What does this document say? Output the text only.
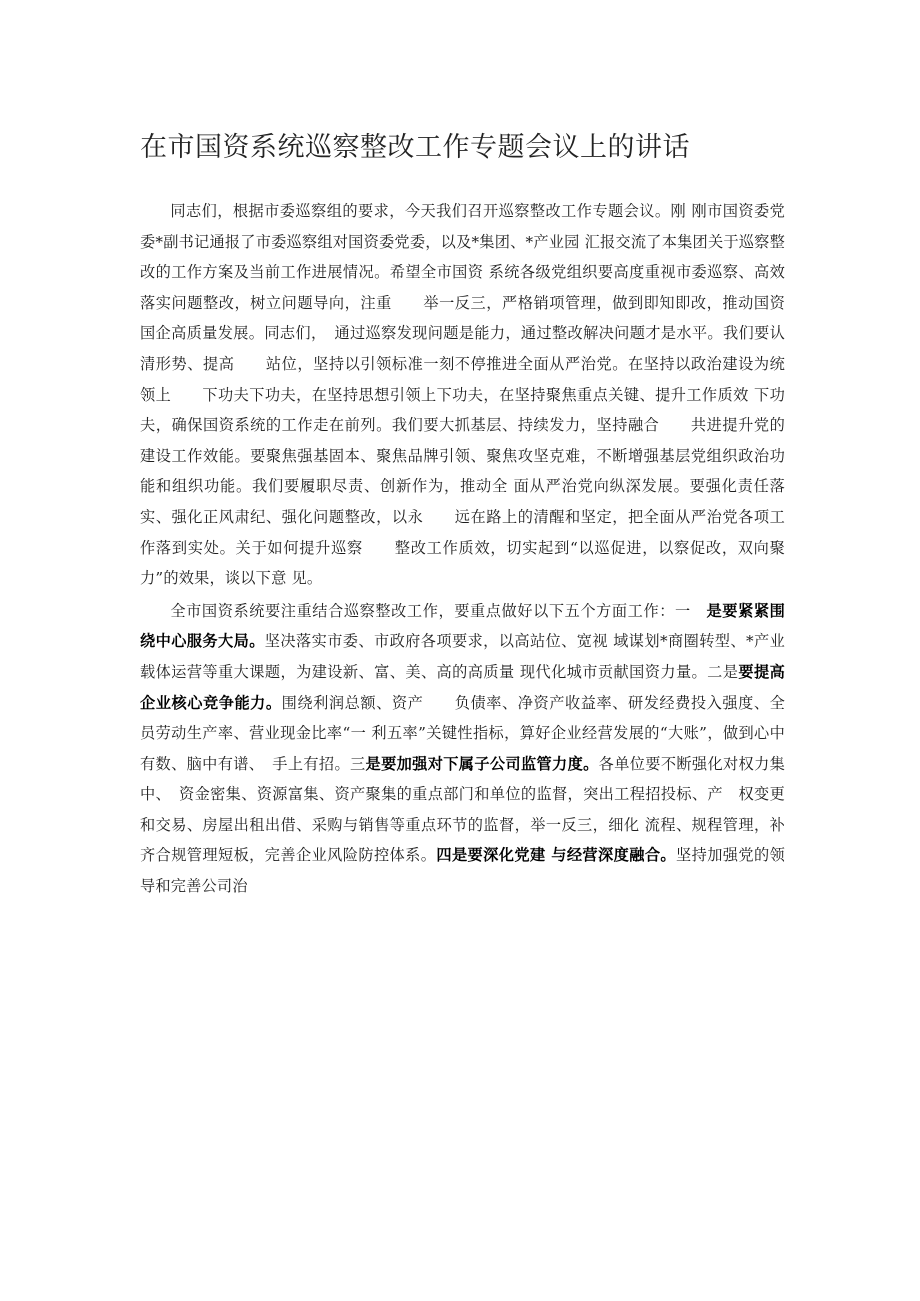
在市国资系统巡察整改工作专题会议上的讲话

同志们，根据市委巡察组的要求，今天我们召开巡察整改工作专题会议。刚 刚市国资委党委*副书记通报了市委巡察组对国资委党委，以及*集团、*产业园 汇报交流了本集团关于巡察整改的工作方案及当前工作进展情况。希望全市国资 系统各级党组织要高度重视市委巡察、高效落实问题整改，树立问题导向，注重　　举一反三，严格销项管理，做到即知即改，推动国资国企高质量发展。同志们，　通过巡察发现问题是能力，通过整改解决问题才是水平。我们要认清形势、提高　　站位，坚持以引领标准一刻不停推进全面从严治党。在坚持以政治建设为统领上　　下功夫下功夫，在坚持思想引领上下功夫，在坚持聚焦重点关键、提升工作质效 下功夫，确保国资系统的工作走在前列。我们要大抓基层、持续发力，坚持融合　　共进提升党的建设工作效能。要聚焦强基固本、聚焦品牌引领、聚焦攻坚克难，不断增强基层党组织政治功能和组织功能。我们要履职尽责、创新作为，推动全 面从严治党向纵深发展。要强化责任落实、强化正风肃纪、强化问题整改，以永　　远在路上的清醒和坚定，把全面从严治党各项工作落到实处。关于如何提升巡察　　整改工作质效，切实起到“以巡促进，以察促改，双向聚力”的效果，谈以下意 见。

全市国资系统要注重结合巡察整改工作，要重点做好以下五个方面工作：一　是要紧紧围绕中心服务大局。坚决落实市委、市政府各项要求，以高站位、宽视 域谋划*商圈转型、*产业载体运营等重大课题，为建设新、富、美、高的高质量 现代化城市贡献国资力量。二是要提高企业核心竞争能力。围绕利润总额、资产　　负债率、净资产收益率、研发经费投入强度、全员劳动生产率、营业现金比率“一 利五率”关键性指标，算好企业经营发展的“大账”，做到心中有数、脑中有谱、　手上有招。三是要加强对下属子公司监管力度。各单位要不断强化对权力集中、　资金密集、资源富集、资产聚集的重点部门和单位的监督，突出工程招投标、产　权变更和交易、房屋出租出借、采购与销售等重点环节的监督，举一反三，细化 流程、规程管理，补齐合规管理短板，完善企业风险防控体系。四是要深化党建 与经营深度融合。坚持加强党的领导和完善公司治
